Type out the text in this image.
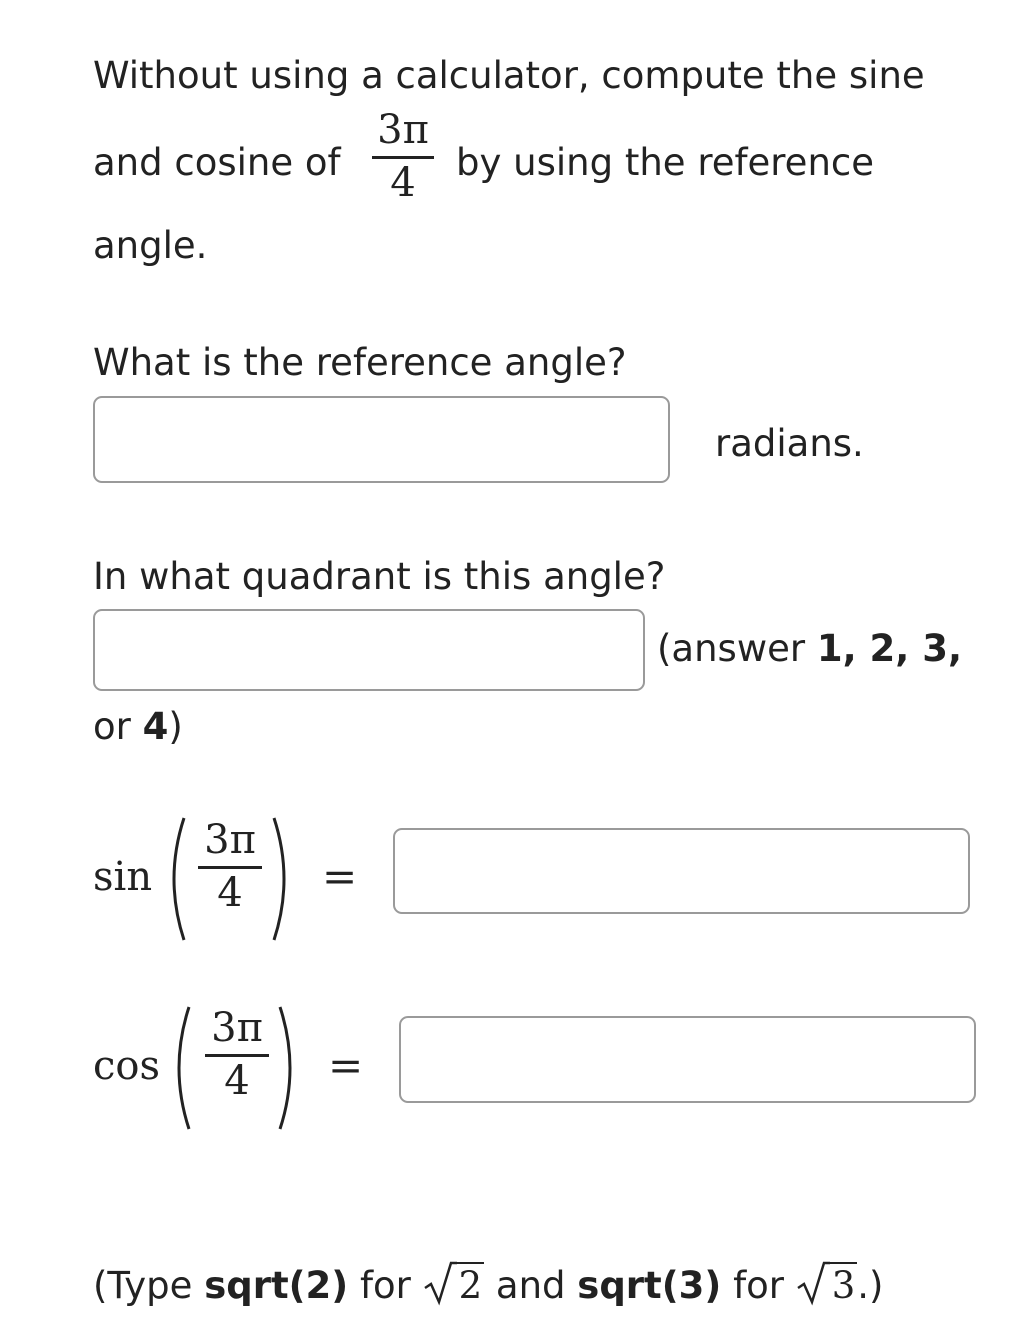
Without using a calculator, compute the sine
and cosine of
3π
4	by using the reference
angle.
What is the reference angle?
radians.
In what quadrant is this angle?
(answer 1, 2, 3,
or 4)
sin
3π
4	=
cos
3π
4	=
(Type sqrt(2) for 2 and sqrt(3) for 3.)
